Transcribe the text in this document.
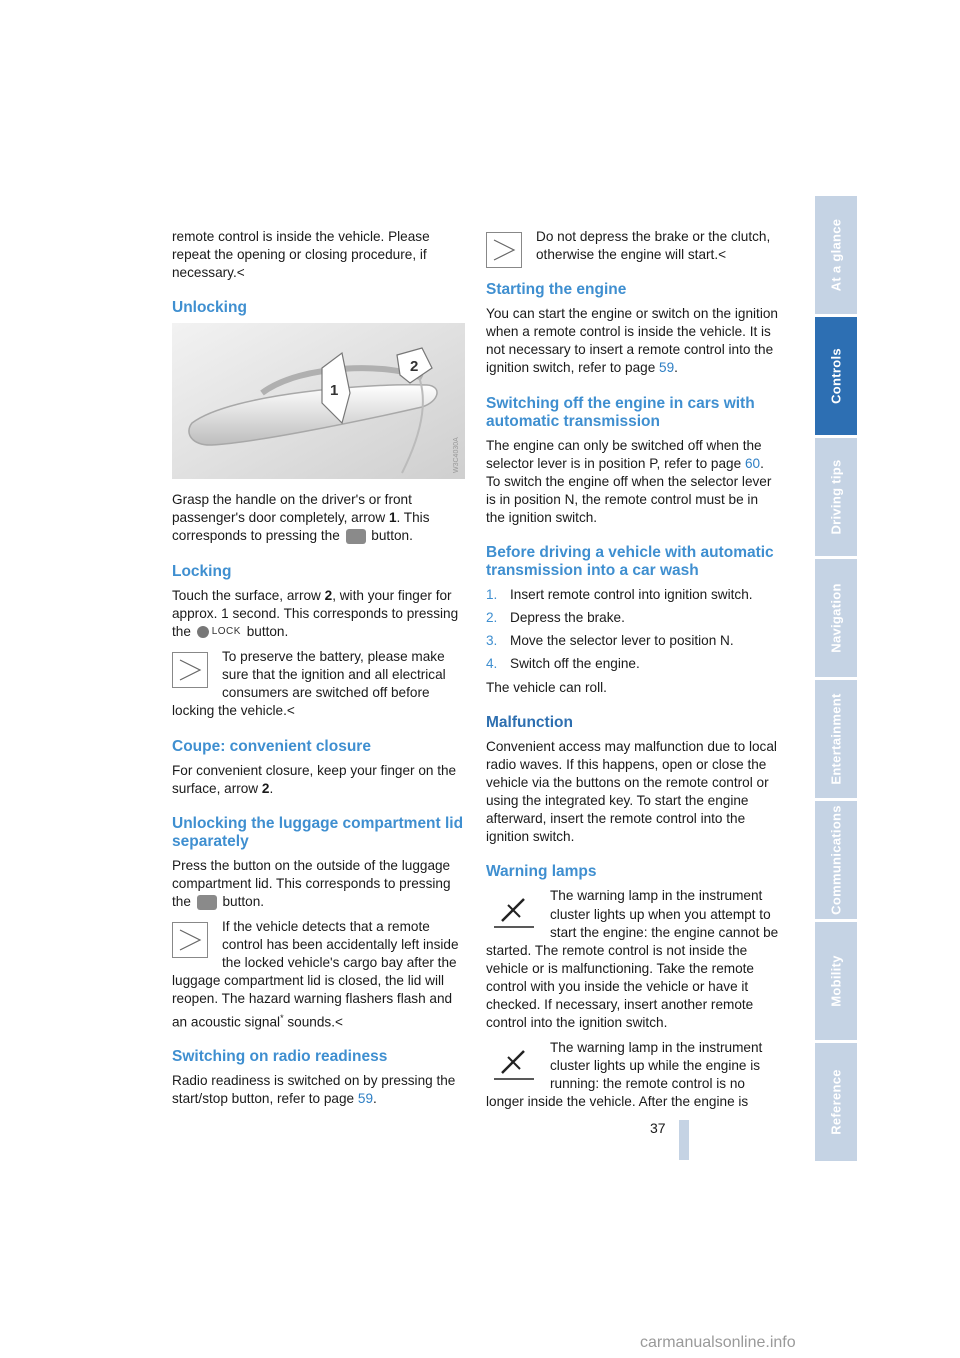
remote control is inside the vehicle. Please repeat the opening or closing procedure, if necessary.<

Unlocking
1
2
W3C4030A

Grasp the handle on the driver's or front passenger's door completely, arrow 1. This corresponds to pressing the  button.

Locking

Touch the surface, arrow 2, with your finger for approx. 1 second. This corresponds to pressing the LOCK button.

To preserve the battery, please make sure that the ignition and all electrical consumers are switched off before locking the vehicle.<
Coupe: convenient closure

For convenient closure, keep your finger on the surface, arrow 2.

Unlocking the luggage compartment lid separately

Press the button on the outside of the luggage compartment lid. This corresponds to pressing the  button.

If the vehicle detects that a remote control has been accidentally left inside the locked vehicle's cargo bay after the luggage compartment lid is closed, the lid will reopen. The hazard warning flashers flash and an acoustic signal* sounds.<
Switching on radio readiness

Radio readiness is switched on by pressing the start/stop button, refer to page 59.

Do not depress the brake or the clutch, otherwise the engine will start.<
Starting the engine

You can start the engine or switch on the ignition when a remote control is inside the vehicle. It is not necessary to insert a remote control into the ignition switch, refer to page 59.

Switching off the engine in cars with automatic transmission

The engine can only be switched off when the selector lever is in position P, refer to page 60. To switch the engine off when the selector lever is in position N, the remote control must be in the ignition switch.

Before driving a vehicle with automatic transmission into a car wash
1. Insert remote control into ignition switch.
2. Depress the brake.
3. Move the selector lever to position N.
4. Switch off the engine.

The vehicle can roll.

Malfunction

Convenient access may malfunction due to local radio waves. If this happens, open or close the vehicle via the buttons on the remote control or using the integrated key. To start the engine afterward, insert the remote control into the ignition switch.

Warning lamps

The warning lamp in the instrument cluster lights up when you attempt to start the engine: the engine cannot be started. The remote control is not inside the vehicle or is malfunctioning. Take the remote control with you inside the vehicle or have it checked. If necessary, insert another remote control into the ignition switch.

The warning lamp in the instrument cluster lights up while the engine is running: the remote control is no longer inside the vehicle. After the engine is

At a glance
Controls
Driving tips
Navigation
Entertainment
Communications
Mobility
Reference
37
carmanualsonline.info
